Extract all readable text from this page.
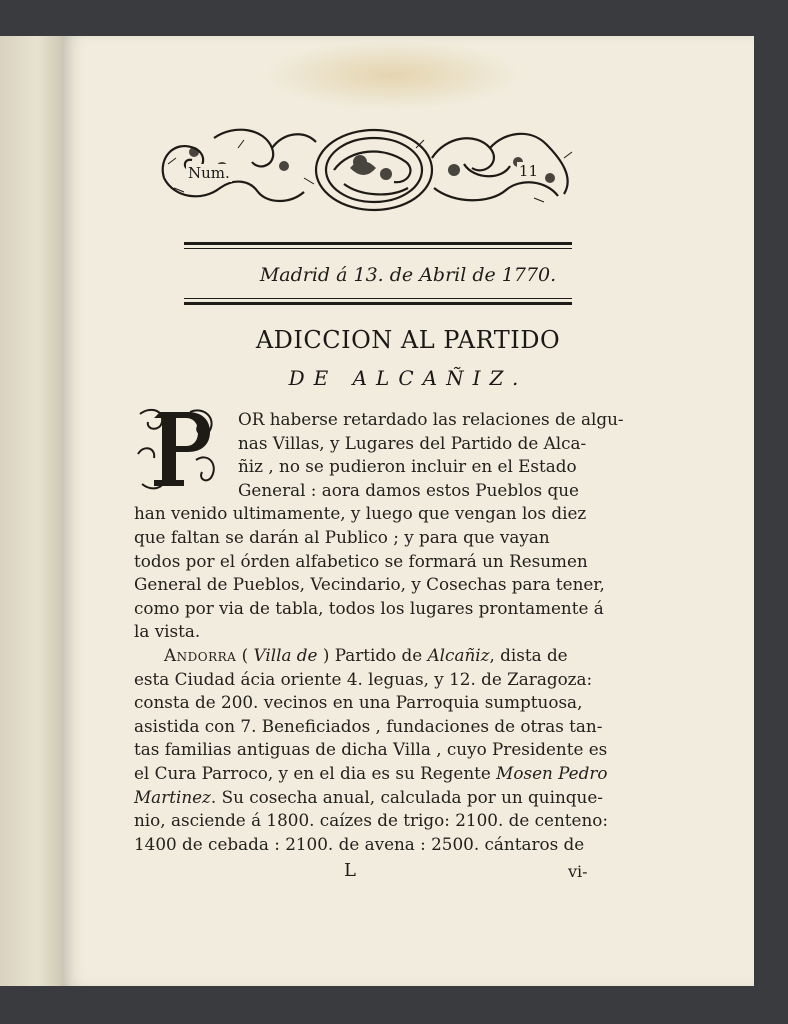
Num.	11
Madrid á 13. de Abril de 1770.
ADICCION AL PARTIDO
DE ALCAÑIZ.
OR haberse retardado las relaciones de algu-
nas Villas, y Lugares del Partido de Alca-
ñiz , no se pudieron incluir en el Estado
General : aora damos estos Pueblos que
han venido ultimamente, y luego que vengan los diez
que faltan se darán al Publico ; y para que vayan
todos por el órden alfabetico se formará un Resumen
General de Pueblos, Vecindario, y Cosechas para tener,
como por via de tabla, todos los lugares prontamente á
la vista.
Andorra ( Villa de ) Partido de Alcañiz, dista de
esta Ciudad ácia oriente 4. leguas, y 12. de Zaragoza:
consta de 200. vecinos en una Parroquia sumptuosa,
asistida con 7. Beneficiados , fundaciones de otras tan-
tas familias antiguas de dicha Villa , cuyo Presidente es
el Cura Parroco, y en el dia es su Regente Mosen Pedro
Martinez. Su cosecha anual, calculada por un quinque-
nio, asciende á 1800. caízes de trigo: 2100. de centeno:
1400 de cebada : 2100. de avena : 2500. cántaros de
L	vi-
